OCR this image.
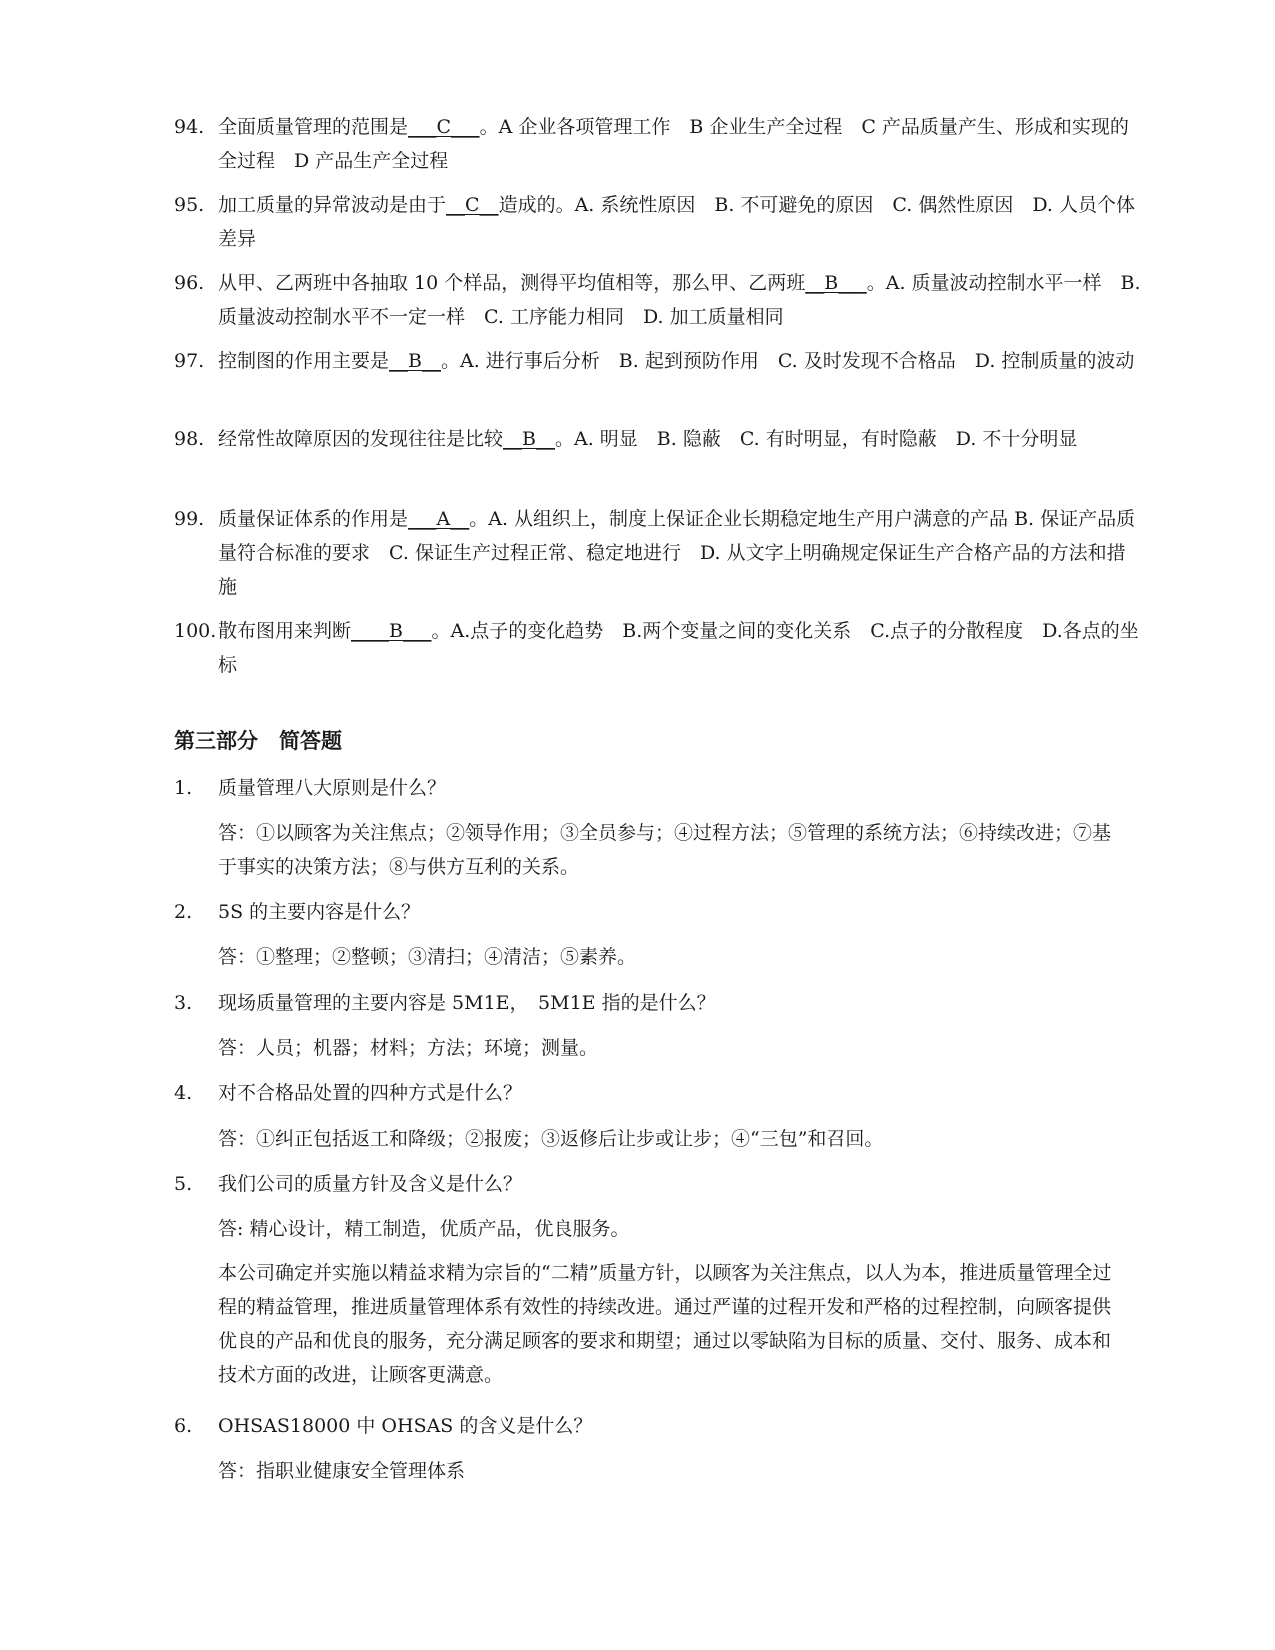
94. 全面质量管理的范围是___C___。A 企业各项管理工作　B 企业生产全过程　C 产品质量产生、形成和实现的全过程　D 产品生产全过程
95. 加工质量的异常波动是由于__C__造成的。A. 系统性原因　B. 不可避免的原因　C. 偶然性原因　D. 人员个体差异
96. 从甲、乙两班中各抽取 10 个样品，测得平均值相等，那么甲、乙两班__B___。A. 质量波动控制水平一样　B. 质量波动控制水平不一定一样　C. 工序能力相同　D. 加工质量相同
97. 控制图的作用主要是__B__。A. 进行事后分析　B. 起到预防作用　C. 及时发现不合格品　D. 控制质量的波动
98. 经常性故障原因的发现往往是比较__B__。A. 明显　B. 隐蔽　C. 有时明显，有时隐蔽　D. 不十分明显
99. 质量保证体系的作用是___A__。A. 从组织上，制度上保证企业长期稳定地生产用户满意的产品 B. 保证产品质量符合标准的要求　C. 保证生产过程正常、稳定地进行　D. 从文字上明确规定保证生产合格产品的方法和措施
100. 散布图用来判断____B___。A.点子的变化趋势　B.两个变量之间的变化关系　C.点子的分散程度　D.各点的坐标
第三部分　简答题
1.	质量管理八大原则是什么？
答：①以顾客为关注焦点；②领导作用；③全员参与；④过程方法；⑤管理的系统方法；⑥持续改进；⑦基于事实的决策方法；⑧与供方互利的关系。
2.	5S 的主要内容是什么？
答：①整理；②整顿；③清扫；④清洁；⑤素养。
3.	现场质量管理的主要内容是 5M1E，　5M1E 指的是什么？
答：人员；机器；材料；方法；环境；测量。
4.	对不合格品处置的四种方式是什么？
答：①纠正包括返工和降级；②报废；③返修后让步或让步；④“三包”和召回。
5.	我们公司的质量方针及含义是什么？
答: 精心设计，精工制造，优质产品，优良服务。
本公司确定并实施以精益求精为宗旨的“二精”质量方针，以顾客为关注焦点，以人为本，推进质量管理全过程的精益管理，推进质量管理体系有效性的持续改进。通过严谨的过程开发和严格的过程控制，向顾客提供优良的产品和优良的服务，充分满足顾客的要求和期望；通过以零缺陷为目标的质量、交付、服务、成本和技术方面的改进，让顾客更满意。
6.	OHSAS18000 中 OHSAS 的含义是什么？
答：指职业健康安全管理体系
